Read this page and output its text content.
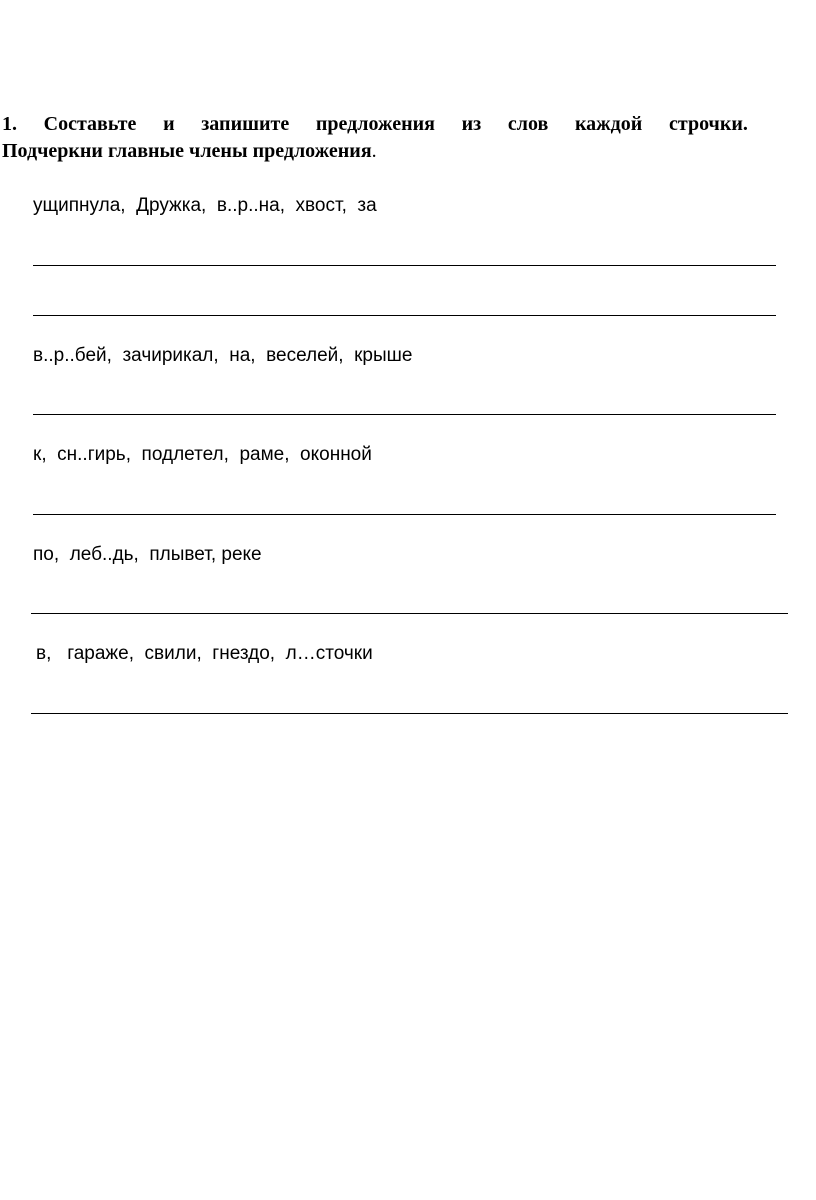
1. Составьте и запишите предложения из слов каждой строчки.
Подчеркни главные члены предложения.
ущипнула,  Дружка,  в..р..на,  хвост,  за
в..р..бей,  зачирикал,  на,  веселей,  крыше
к,  сн..гирь,  подлетел,  раме,  оконной
по,  леб..дь,  плывет, реке
в,   гараже,  свили,  гнездо,  л…сточки
